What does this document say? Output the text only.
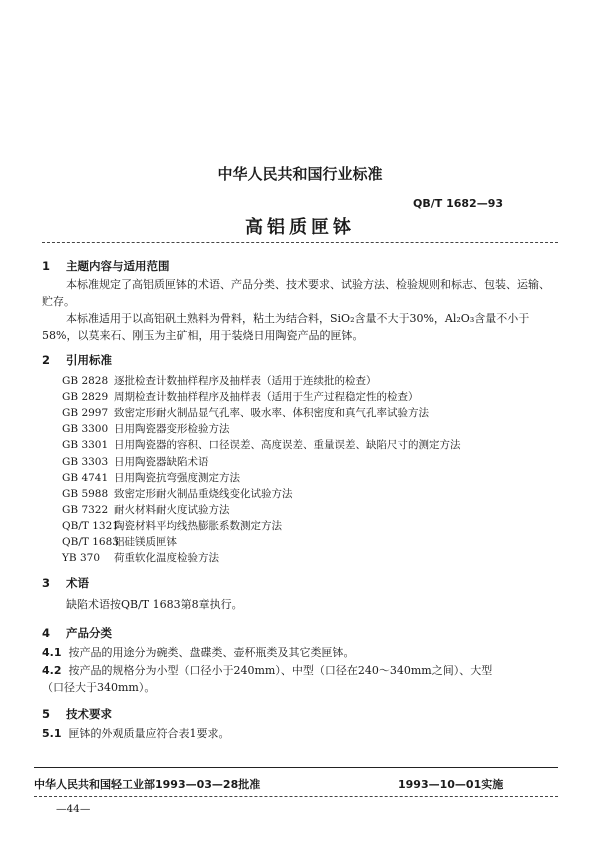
中华人民共和国行业标准
QB/T 1682—93
高铝质匣钵
1 主题内容与适用范围
本标准规定了高铝质匣钵的术语、产品分类、技术要求、试验方法、检验规则和标志、包装、运输、贮存。
本标准适用于以高铝矾土熟料为骨料，粘土为结合料，SiO₂含量不大于30%，Al₂O₃含量不小于58%，以莫来石、刚玉为主矿相，用于装烧日用陶瓷产品的匣钵。
2 引用标准
GB 2828 逐批检查计数抽样程序及抽样表（适用于连续批的检查）
GB 2829 周期检查计数抽样程序及抽样表（适用于生产过程稳定性的检查）
GB 2997 致密定形耐火制品显气孔率、吸水率、体积密度和真气孔率试验方法
GB 3300 日用陶瓷器变形检验方法
GB 3301 日用陶瓷器的容积、口径误差、高度误差、重量误差、缺陷尺寸的测定方法
GB 3303 日用陶瓷器缺陷术语
GB 4741 日用陶瓷抗弯强度测定方法
GB 5988 致密定形耐火制品重烧线变化试验方法
GB 7322 耐火材料耐火度试验方法
QB/T 1321陶瓷材料平均线热膨胀系数测定方法
QB/T 1683铝硅镁质匣钵
YB 370 荷重软化温度检验方法
3 术语
缺陷术语按QB/T 1683第8章执行。
4 产品分类
4.1 按产品的用途分为碗类、盘碟类、壶杯瓶类及其它类匣钵。
4.2 按产品的规格分为小型（口径小于240mm）、中型（口径在240～340mm之间）、大型
（口径大于340mm）。
5 技术要求
5.1 匣钵的外观质量应符合表1要求。
中华人民共和国轻工业部1993—03—28批准	1993—10—01实施
—44—
